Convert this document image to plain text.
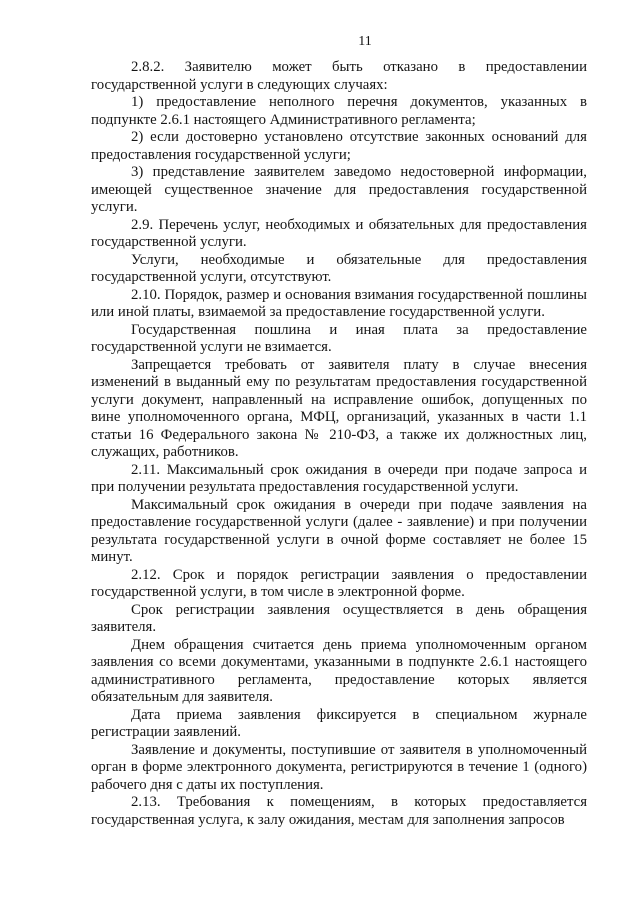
11

2.8.2. Заявителю может быть отказано в предоставлении государственной услуги в следующих случаях:

1) предоставление неполного перечня документов, указанных в подпункте 2.6.1 настоящего Административного регламента;

2) если достоверно установлено отсутствие законных оснований для предоставления государственной услуги;

3) представление заявителем заведомо недостоверной информации, имеющей существенное значение для предоставления государственной услуги.

2.9. Перечень услуг, необходимых и обязательных для предоставления государственной услуги.

Услуги, необходимые и обязательные для предоставления государственной услуги, отсутствуют.

2.10. Порядок, размер и основания взимания государственной пошлины или иной платы, взимаемой за предоставление государственной услуги.

Государственная пошлина и иная плата за предоставление государственной услуги не взимается.

Запрещается требовать от заявителя плату в случае внесения изменений в выданный ему по результатам предоставления государственной услуги документ, направленный на исправление ошибок, допущенных по вине уполномоченного органа, МФЦ, организаций, указанных в части 1.1 статьи 16 Федерального закона № 210-ФЗ, а также их должностных лиц, служащих, работников.

2.11. Максимальный срок ожидания в очереди при подаче запроса и при получении результата предоставления государственной услуги.

Максимальный срок ожидания в очереди при подаче заявления на предоставление государственной услуги (далее - заявление) и при получении результата государственной услуги в очной форме составляет не более 15 минут.

2.12. Срок и порядок регистрации заявления о предоставлении государственной услуги, в том числе в электронной форме.

Срок регистрации заявления осуществляется в день обращения заявителя.

Днем обращения считается день приема уполномоченным органом заявления со всеми документами, указанными в подпункте 2.6.1 настоящего административного регламента, предоставление которых является обязательным для заявителя.

Дата приема заявления фиксируется в специальном журнале регистрации заявлений.

Заявление и документы, поступившие от заявителя в уполномоченный орган в форме электронного документа, регистрируются в течение 1 (одного) рабочего дня с даты их поступления.

2.13. Требования к помещениям, в которых предоставляется государственная услуга, к залу ожидания, местам для заполнения запросов
